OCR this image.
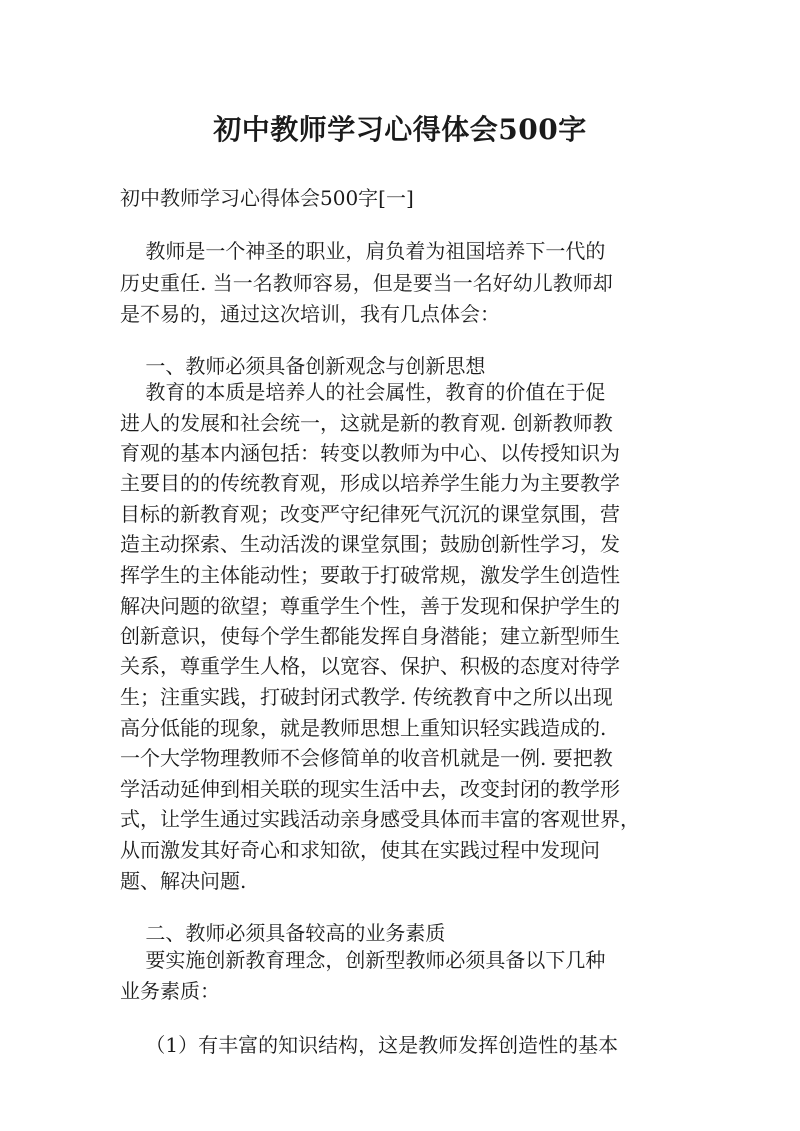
初中教师学习心得体会500字

初中教师学习心得体会500字[一]

教师是一个神圣的职业，肩负着为祖国培养下一代的

历史重任. 当一名教师容易，但是要当一名好幼儿教师却

是不易的，通过这次培训，我有几点体会：

一、教师必须具备创新观念与创新思想

教育的本质是培养人的社会属性，教育的价值在于促

进人的发展和社会统一，这就是新的教育观. 创新教师教

育观的基本内涵包括：转变以教师为中心、以传授知识为

主要目的的传统教育观，形成以培养学生能力为主要教学

目标的新教育观；改变严守纪律死气沉沉的课堂氛围，营

造主动探索、生动活泼的课堂氛围；鼓励创新性学习，发

挥学生的主体能动性；要敢于打破常规，激发学生创造性

解决问题的欲望；尊重学生个性，善于发现和保护学生的

创新意识，使每个学生都能发挥自身潜能；建立新型师生

关系，尊重学生人格，以宽容、保护、积极的态度对待学

生；注重实践，打破封闭式教学. 传统教育中之所以出现

高分低能的现象，就是教师思想上重知识轻实践造成的.

一个大学物理教师不会修简单的收音机就是一例. 要把教

学活动延伸到相关联的现实生活中去，改变封闭的教学形

式，让学生通过实践活动亲身感受具体而丰富的客观世界，

从而激发其好奇心和求知欲，使其在实践过程中发现问

题、解决问题.

二、教师必须具备较高的业务素质

要实施创新教育理念，创新型教师必须具备以下几种

业务素质：

（1）有丰富的知识结构，这是教师发挥创造性的基本
